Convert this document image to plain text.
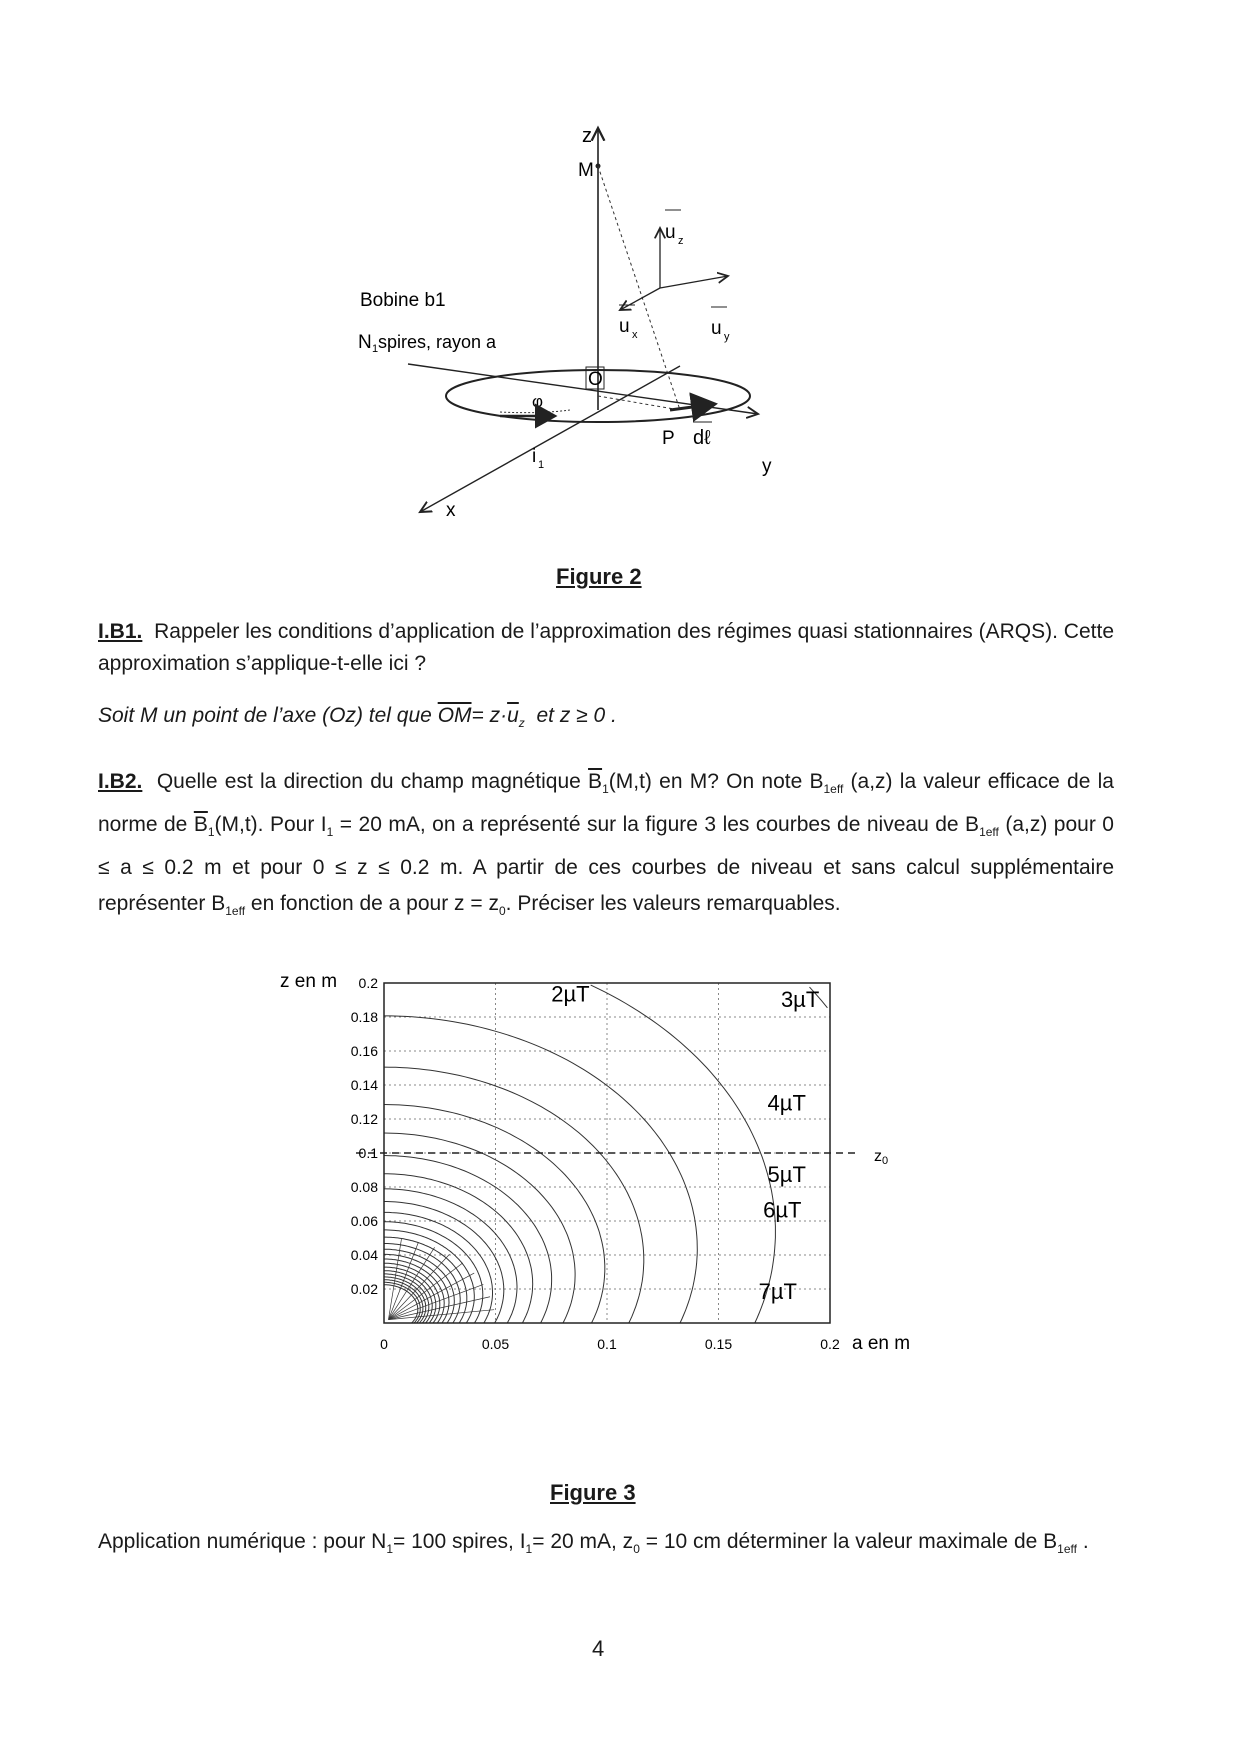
z
M
u z
u y
u x
y
x
O
φ
P dℓ
i 1
Bobine b1
N 1 spires, rayon a
Figure 2
I.B1. Rappeler les conditions d’application de l’approximation des régimes quasi stationnaires (ARQS). Cette approximation s’applique-t-elle ici ?
Soit M un point de l’axe (Oz) tel que $\overline{OM}= z\cdot\overline{u}_z$ et z ≥ 0 .
I.B2. Quelle est la direction du champ magnétique $\overline{B}_1(M,t)$ en M? On note $B_{1eff}$ (a,z) la valeur efficace de la norme de $\overline{B}_1(M,t)$. Pour $I_1 = 20$ mA, on a représenté sur la figure 3 les courbes de niveau de $B_{1eff}$ (a,z) pour 0 ≤ a ≤ 0.2 m et pour 0 ≤ z ≤ 0.2 m. A partir de ces courbes de niveau et sans calcul supplémentaire représenter $B_{1eff}$ en fonction de a pour $z = z_0$. Préciser les valeurs remarquables.
0	0.05	0.1	0.15	0.2
0.02
0.04
0.06
0.08
0.1
0.12
0.14
0.16
0.18
0.2
z0
z en m
a en m
2µT	3µT
4µT
5µT
6µT
7µT
Figure 3
Application numérique : pour $N_1= 100$ spires, $I_1= 20$ mA, $z_0 = 10$ cm déterminer la valeur maximale de $B_{1eff}$ .
4
